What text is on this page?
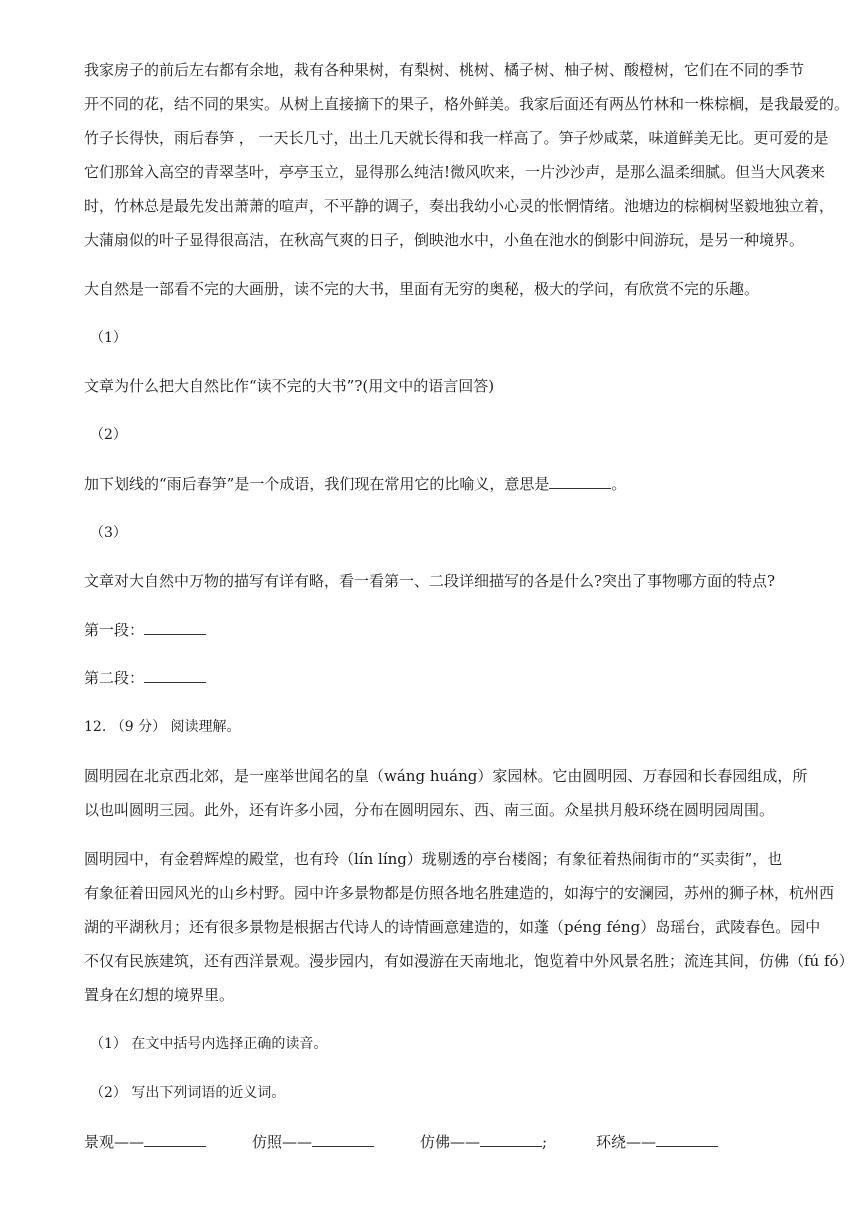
我家房子的前后左右都有余地，栽有各种果树，有梨树、桃树、橘子树、柚子树、酸橙树，它们在不同的季节
开不同的花，结不同的果实。从树上直接摘下的果子，格外鲜美。我家后面还有两丛竹林和一株棕榈，是我最爱的。
竹子长得快，雨后春笋 ， 一天长几寸，出土几天就长得和我一样高了。笋子炒咸菜，味道鲜美无比。更可爱的是
它们那耸入高空的青翠茎叶，亭亭玉立，显得那么纯洁!微风吹来，一片沙沙声，是那么温柔细腻。但当大风袭来
时，竹林总是最先发出萧萧的喧声，不平静的调子，奏出我幼小心灵的怅惘情绪。池塘边的棕榈树坚毅地独立着，
大蒲扇似的叶子显得很高洁，在秋高气爽的日子，倒映池水中，小鱼在池水的倒影中间游玩，是另一种境界。
大自然是一部看不完的大画册，读不完的大书，里面有无穷的奥秘，极大的学问，有欣赏不完的乐趣。
（1）
文章为什么把大自然比作“读不完的大书”?(用文中的语言回答)
（2）
加下划线的“雨后春笋”是一个成语，我们现在常用它的比喻义，意思是	。
（3）
文章对大自然中万物的描写有详有略，看一看第一、二段详细描写的各是什么?突出了事物哪方面的特点?
第一段：
第二段：
12. （9 分） 阅读理解。
圆明园在北京西北郊，是一座举世闻名的皇（wáng huáng）家园林。它由圆明园、万春园和长春园组成，所
以也叫圆明三园。此外，还有许多小园，分布在圆明园东、西、南三面。众星拱月般环绕在圆明园周围。
圆明园中，有金碧辉煌的殿堂，也有玲（lín líng）珑剔透的亭台楼阁；有象征着热闹街市的“买卖街”，也
有象征着田园风光的山乡村野。园中许多景物都是仿照各地名胜建造的，如海宁的安澜园，苏州的狮子林，杭州西
湖的平湖秋月；还有很多景物是根据古代诗人的诗情画意建造的，如蓬（péng féng）岛瑶台，武陵春色。园中
不仅有民族建筑，还有西洋景观。漫步园内，有如漫游在天南地北，饱览着中外风景名胜；流连其间，仿佛（fú fó）
置身在幻想的境界里。
（1） 在文中括号内选择正确的读音。
（2） 写出下列词语的近义词。
景观——	仿照——	仿佛——	;	环绕——
